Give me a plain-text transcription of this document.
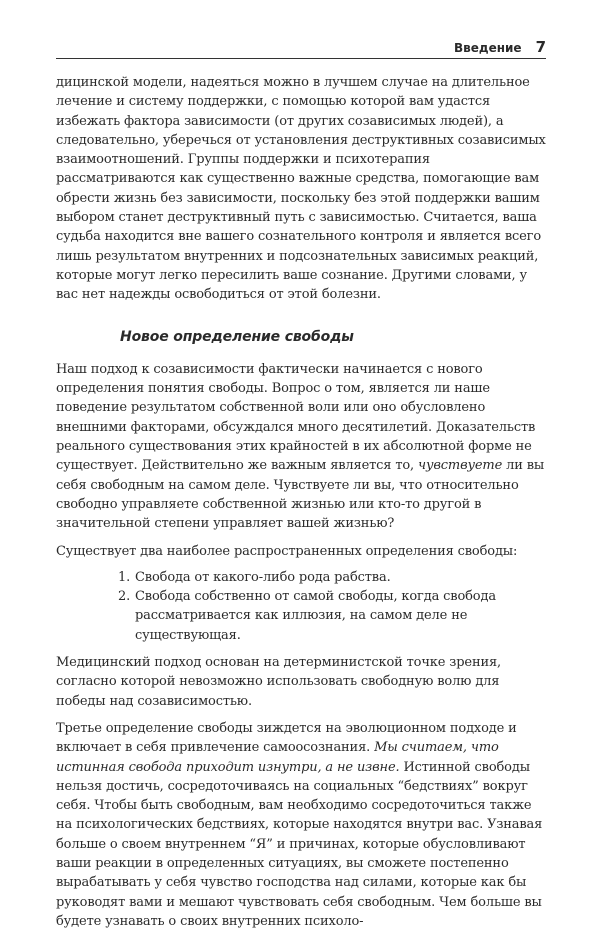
Введение 7

дицинской модели, надеяться можно в лучшем случае на длительное лечение и систему поддержки, с помощью которой вам удастся избежать фактора зависимости (от других созависимых людей), а следовательно, уберечься от установления деструктивных созависимых взаимоотношений. Группы поддержки и психотерапия рассматриваются как существенно важные средства, помогающие вам обрести жизнь без зависимости, поскольку без этой поддержки вашим выбором станет деструктивный путь с зависимостью. Считается, ваша судьба находится вне вашего сознательного контроля и является всего лишь результатом внутренних и подсознательных зависимых реакций, которые могут легко пересилить ваше сознание. Другими словами, у вас нет надежды освободиться от этой болезни.

Новое определение свободы

Наш подход к созависимости фактически начинается с нового определения понятия свободы. Вопрос о том, является ли наше поведение результатом собственной воли или оно обусловлено внешними факторами, обсуждался много десятилетий. Доказательств реального существования этих крайностей в их абсолютной форме не существует. Действительно же важным является то, чувствуете ли вы себя свободным на самом деле. Чувствуете ли вы, что относительно свободно управляете собственной жизнью или кто-то другой в значительной степени управляет вашей жизнью?

Существует два наиболее распространенных определения свободы:

1. Свобода от какого-либо рода рабства.
2. Свобода собственно от самой свободы, когда свобода рассматривается как иллюзия, на самом деле не существующая.

Медицинский подход основан на детерминистской точке зрения, согласно которой невозможно использовать свободную волю для победы над созависимостью.

Третье определение свободы зиждется на эволюционном подходе и включает в себя привлечение самоосознания. Мы считаем, что истинная свобода приходит изнутри, а не извне. Истинной свободы нельзя достичь, сосредоточиваясь на социальных “бедствиях” вокруг себя. Чтобы быть свободным, вам необходимо сосредоточиться также на психологических бедствиях, которые находятся внутри вас. Узнавая больше о своем внутреннем “Я” и причинах, которые обусловливают ваши реакции в определенных ситуациях, вы сможете постепенно вырабатывать у себя чувство господства над силами, которые как бы руководят вами и мешают чувствовать себя свободным. Чем больше вы будете узнавать о своих внутренних психоло-
